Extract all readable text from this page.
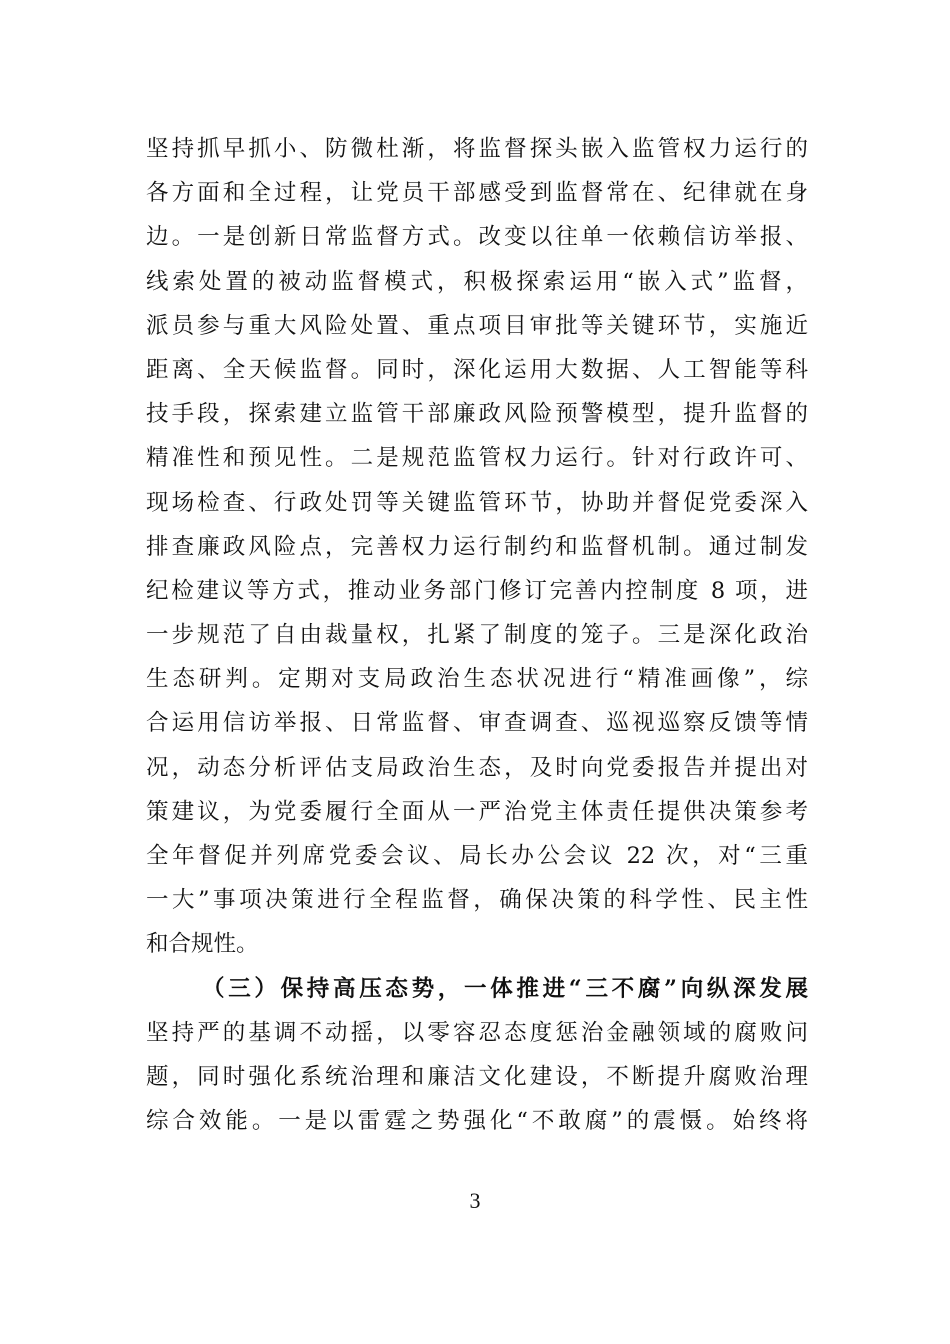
坚持抓早抓小、防微杜渐，将监督探头嵌入监管权力运行的
各方面和全过程，让党员干部感受到监督常在、纪律就在身
边。一是创新日常监督方式。改变以往单一依赖信访举报、
线索处置的被动监督模式，积极探索运用“嵌入式”监督，
派员参与重大风险处置、重点项目审批等关键环节，实施近
距离、全天候监督。同时，深化运用大数据、人工智能等科
技手段，探索建立监管干部廉政风险预警模型，提升监督的
精准性和预见性。二是规范监管权力运行。针对行政许可、
现场检查、行政处罚等关键监管环节，协助并督促党委深入
排查廉政风险点，完善权力运行制约和监督机制。通过制发
纪检建议等方式，推动业务部门修订完善内控制度 8 项，进
一步规范了自由裁量权，扎紧了制度的笼子。三是深化政治
生态研判。定期对支局政治生态状况进行“精准画像”，综
合运用信访举报、日常监督、审查调查、巡视巡察反馈等情
况，动态分析评估支局政治生态，及时向党委报告并提出对
策建议，为党委履行全面从一严治党主体责任提供决策参考
全年督促并列席党委会议、局长办公会议 22 次，对“三重
一大”事项决策进行全程监督，确保决策的科学性、民主性
和合规性。
（三）保持高压态势，一体推进“三不腐”向纵深发展
坚持严的基调不动摇，以零容忍态度惩治金融领域的腐败问
题，同时强化系统治理和廉洁文化建设，不断提升腐败治理
综合效能。一是以雷霆之势强化“不敢腐”的震慑。始终将
3
